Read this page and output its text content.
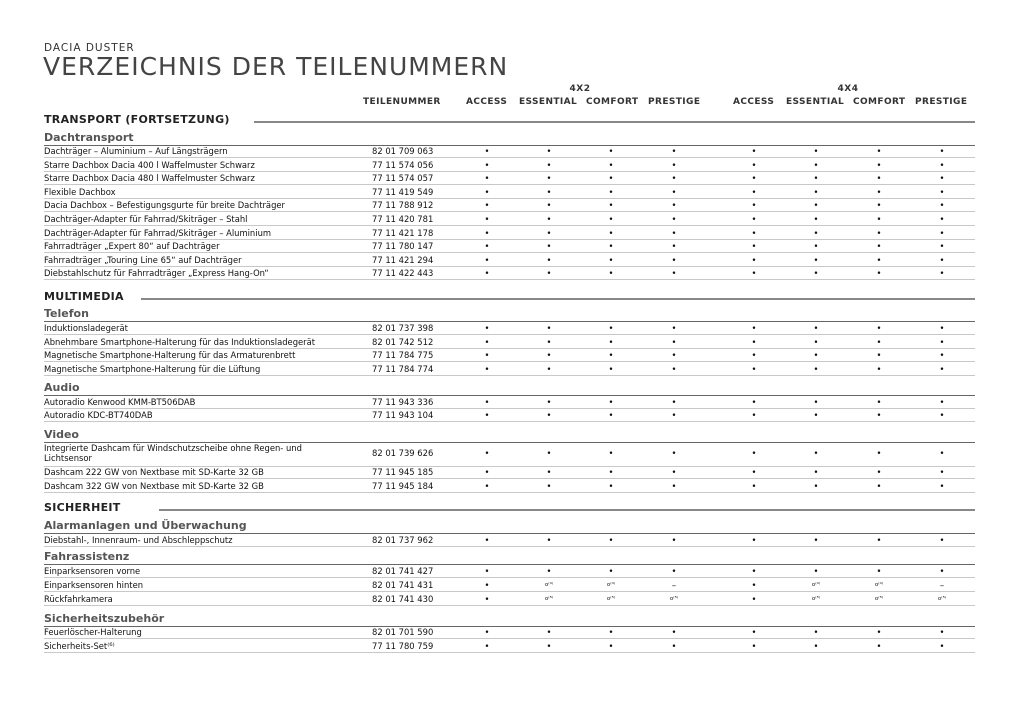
DACIA DUSTER
VERZEICHNIS DER TEILENUMMERN
4X2	4X4
TEILENUMMER	ACCESS ESSENTIAL COMFORT PRESTIGE	ACCESS ESSENTIAL COMFORT PRESTIGE
TRANSPORT (FORTSETZUNG)
Dachtransport
Dachträger – Aluminium – Auf Längsträgern	82 01 709 063	•	•	•	•	•	•	•	•
Starre Dachbox Dacia 400 l Waffelmuster Schwarz	77 11 574 056	•	•	•	•	•	•	•	•
Starre Dachbox Dacia 480 l Waffelmuster Schwarz	77 11 574 057	•	•	•	•	•	•	•	•
Flexible Dachbox	77 11 419 549	•	•	•	•	•	•	•	•
Dacia Dachbox – Befestigungsgurte für breite Dachträger	77 11 788 912	•	•	•	•	•	•	•	•
Dachträger-Adapter für Fahrrad/Skiträger – Stahl	77 11 420 781	•	•	•	•	•	•	•	•
Dachträger-Adapter für Fahrrad/Skiträger – Aluminium	77 11 421 178	•	•	•	•	•	•	•	•
Fahrradträger „Expert 80“ auf Dachträger	77 11 780 147	•	•	•	•	•	•	•	•
Fahrradträger „Touring Line 65“ auf Dachträger	77 11 421 294	•	•	•	•	•	•	•	•
Diebstahlschutz für Fahrradträger „Express Hang-On“	77 11 422 443	•	•	•	•	•	•	•	•
MULTIMEDIA
Telefon
Induktionsladegerät	82 01 737 398	•	•	•	•	•	•	•	•
Abnehmbare Smartphone-Halterung für das Induktionsladegerät	82 01 742 512	•	•	•	•	•	•	•	•
Magnetische Smartphone-Halterung für das Armaturenbrett	77 11 784 775	•	•	•	•	•	•	•	•
Magnetische Smartphone-Halterung für die Lüftung	77 11 784 774	•	•	•	•	•	•	•	•
Audio
Autoradio Kenwood KMM-BT506DAB	77 11 943 336	•	•	•	•	•	•	•	•
Autoradio KDC-BT740DAB	77 11 943 104	•	•	•	•	•	•	•	•
Video
Integrierte Dashcam für Windschutzscheibe ohne Regen- und Lichtsensor	82 01 739 626	•	•	•	•	•	•	•	•
Dashcam 222 GW von Nextbase mit SD-Karte 32 GB	77 11 945 185	•	•	•	•	•	•	•	•
Dashcam 322 GW von Nextbase mit SD-Karte 32 GB	77 11 945 184	•	•	•	•	•	•	•	•
SICHERHEIT
Alarmanlagen und Überwachung
Diebstahl-, Innenraum- und Abschleppschutz	82 01 737 962	•	•	•	•	•	•	•	•
Fahrassistenz
Einparksensoren vorne	82 01 741 427	•	•	•	•	•	•	•	•
Einparksensoren hinten	82 01 741 431	•	o⁽⁴⁾	o⁽⁴⁾	–	•	o⁽⁴⁾	o⁽⁴⁾	–
Rückfahrkamera	82 01 741 430	•	o⁽⁵⁾	o⁽⁵⁾	o⁽⁵⁾	•	o⁽⁵⁾	o⁽⁵⁾	o⁽⁵⁾
Sicherheitszubehör
Feuerlöscher-Halterung	82 01 701 590	•	•	•	•	•	•	•	•
Sicherheits-Set⁽⁶⁾	77 11 780 759	•	•	•	•	•	•	•	•
